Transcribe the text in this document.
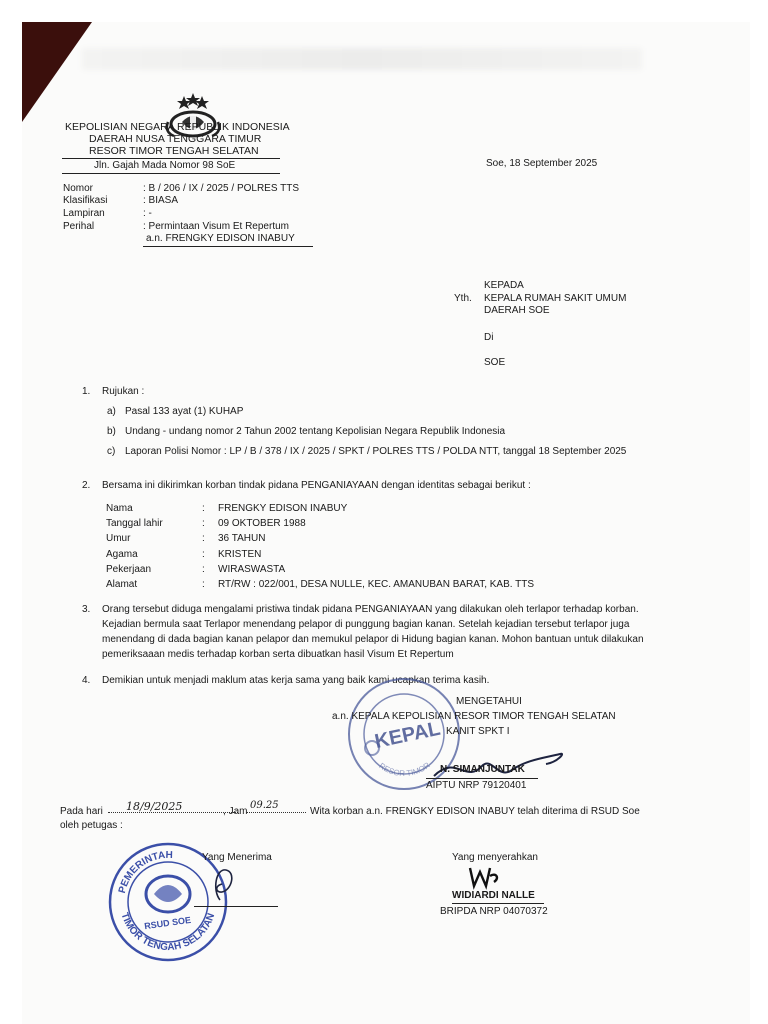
KEPOLISIAN NEGARA REPUBLIK INDONESIA
DAERAH NUSA TENGGARA TIMUR
RESOR TIMOR TENGAH SELATAN
Jln. Gajah Mada Nomor 98 SoE	Soe, 18 September 2025
Nomor	: B / 206 / IX / 2025 / POLRES TTS
Klasifikasi	: BIASA
Lampiran	: -
Perihal	: Permintaan Visum Et Repertum
a.n. FRENGKY EDISON INABUY
KEPADA
Yth. KEPALA RUMAH SAKIT UMUM
DAERAH SOE
Di
SOE
1. Rujukan :
a) Pasal 133 ayat (1) KUHAP
b) Undang - undang nomor 2 Tahun 2002 tentang Kepolisian Negara Republik Indonesia
c) Laporan Polisi Nomor : LP / B / 378 / IX / 2025 / SPKT / POLRES TTS / POLDA NTT, tanggal 18 September 2025
2. Bersama ini dikirimkan korban tindak pidana PENGANIAYAAN dengan identitas sebagai berikut :
Nama	: FRENGKY EDISON INABUY
Tanggal lahir	: 09 OKTOBER 1988
Umur	: 36 TAHUN
Agama	: KRISTEN
Pekerjaan	: WIRASWASTA
Alamat	: RT/RW : 022/001, DESA NULLE, KEC. AMANUBAN BARAT, KAB. TTS
3. Orang tersebut diduga mengalami pristiwa tindak pidana PENGANIAYAAN yang dilakukan oleh terlapor terhadap korban.
Kejadian bermula saat Terlapor menendang pelapor di punggung bagian kanan. Setelah kejadian tersebut terlapor juga
menendang di dada bagian kanan pelapor dan memukul pelapor di Hidung bagian kanan. Mohon bantuan untuk dilakukan
pemeriksaaan medis terhadap korban serta dibuatkan hasil Visum Et Repertum
4. Demikian untuk menjadi maklum atas kerja sama yang baik kami ucapkan terima kasih.
RESOR TIMOR
KEPAL
MENGETAHUI
a.n. KEPALA KEPOLISIAN RESOR TIMOR TENGAH SELATAN
KANIT SPKT I
N. SIMANJUNTAK
AIPTU NRP 79120401
Pada hari 18/9/2025	, Jam
09.25
Wita korban a.n. FRENGKY EDISON INABUY telah diterima di RSUD Soe
oleh petugas :
PEMERINTAH
TIMOR TENGAH SELATAN
RSUD SOE
Yang Menerima	Yang menyerahkan
WIDIARDI NALLE
BRIPDA NRP 04070372
